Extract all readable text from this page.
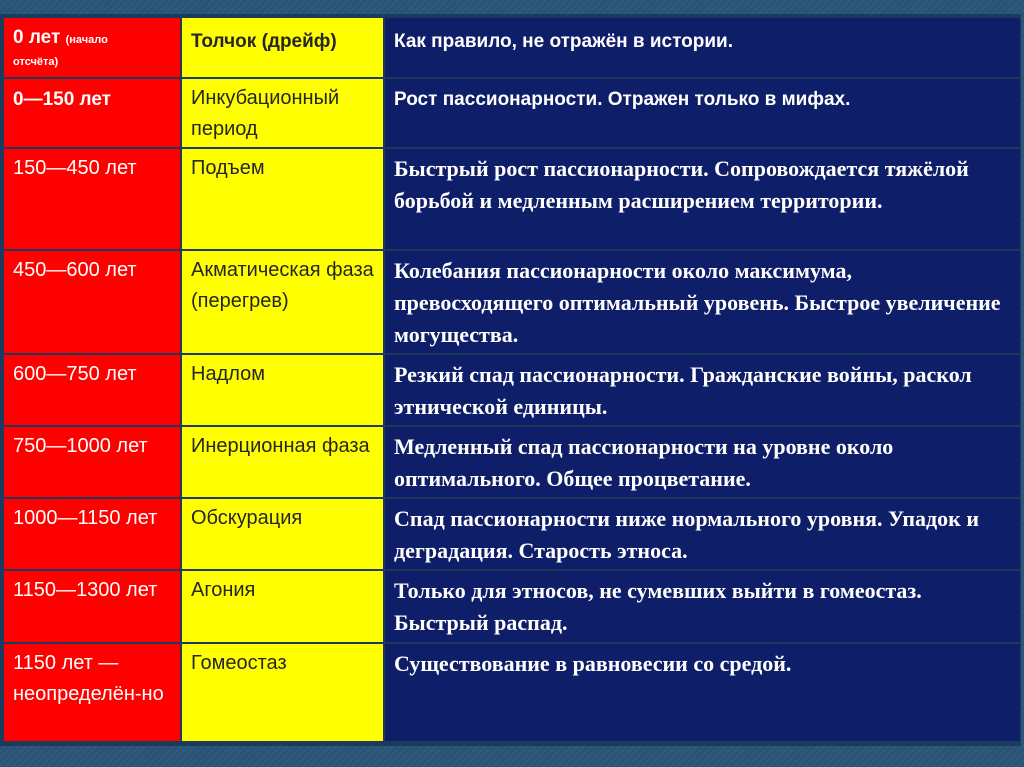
0 лет (начало
отсчёта)	Толчок (дрейф)	Как правило, не отражён в истории.
0—150 лет	Инкубационный период	Рост пассионарности. Отражен только в мифах.
150—450 лет	Подъем	Быстрый рост пассионарности. Сопровождается тяжёлой борьбой и медленным расширением территории.
450—600 лет	Акматическая фаза (перегрев)	Колебания пассионарности около максимума, превосходящего оптимальный уровень. Быстрое увеличение могущества.
600—750 лет	Надлом	Резкий спад пассионарности. Гражданские войны, раскол этнической единицы.
750—1000 лет	Инерционная фаза	Медленный спад пассионарности на уровне около оптимального. Общее процветание.
1000—1150 лет	Обскурация	Спад пассионарности ниже нормального уровня. Упадок и деградация. Старость этноса.
1150—1300 лет	Агония	Только для этносов, не сумевших выйти в гомеостаз. Быстрый распад.
1150 лет — неопределён-но	Гомеостаз	Существование в равновесии со средой.
